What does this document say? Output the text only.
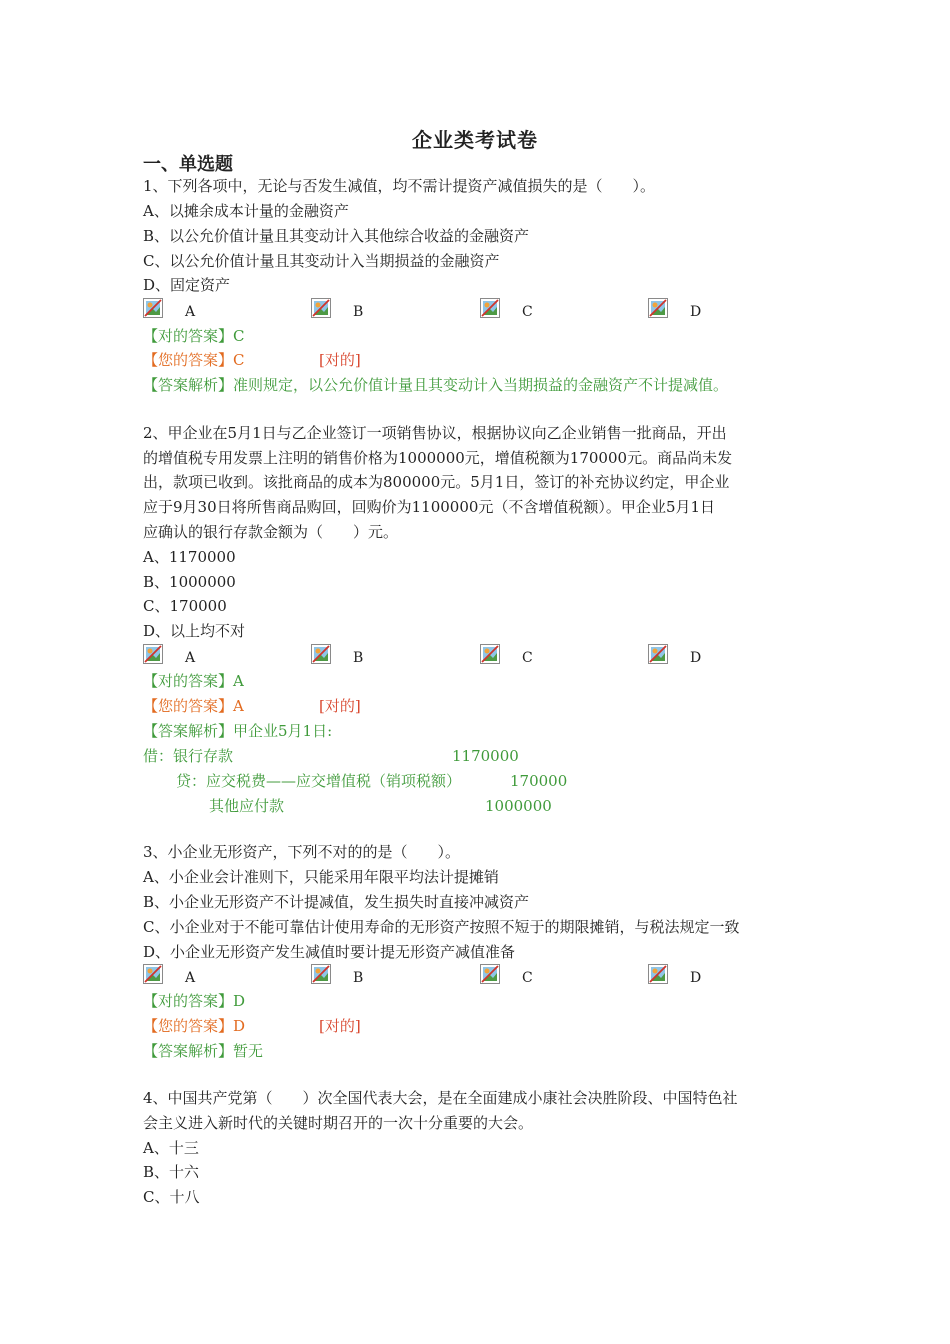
企业类考试卷
一、单选题
1、下列各项中，无论与否发生减值，均不需计提资产减值损失的是（　　）。
A、以摊余成本计量的金融资产
B、以公允价值计量且其变动计入其他综合收益的金融资产
C、以公允价值计量且其变动计入当期损益的金融资产
D、固定资产
A	B	C	D
【对的答案】C
【您的答案】C	[对的]
【答案解析】准则规定，以公允价值计量且其变动计入当期损益的金融资产不计提减值。
2、甲企业在5月1日与乙企业签订一项销售协议，根据协议向乙企业销售一批商品，开出
的增值税专用发票上注明的销售价格为1000000元，增值税额为170000元。商品尚未发
出，款项已收到。该批商品的成本为800000元。5月1日，签订的补充协议约定，甲企业
应于9月30日将所售商品购回，回购价为1100000元（不含增值税额）。甲企业5月1日
应确认的银行存款金额为（　　）元。
A、1170000
B、1000000
C、170000
D、以上均不对
A	B	C	D
【对的答案】A
【您的答案】A	[对的]
【答案解析】甲企业5月1日:
借：银行存款	1170000
贷：应交税费——应交增值税（销项税额）	170000
其他应付款	1000000
3、小企业无形资产，下列不对的的是（　　）。
A、小企业会计准则下，只能采用年限平均法计提摊销
B、小企业无形资产不计提减值，发生损失时直接冲减资产
C、小企业对于不能可靠估计使用寿命的无形资产按照不短于的期限摊销，与税法规定一致
D、小企业无形资产发生减值时要计提无形资产减值准备
A	B	C	D
【对的答案】D
【您的答案】D	[对的]
【答案解析】暂无
4、中国共产党第（　　）次全国代表大会，是在全面建成小康社会决胜阶段、中国特色社
会主义进入新时代的关键时期召开的一次十分重要的大会。
A、十三
B、十六
C、十八
